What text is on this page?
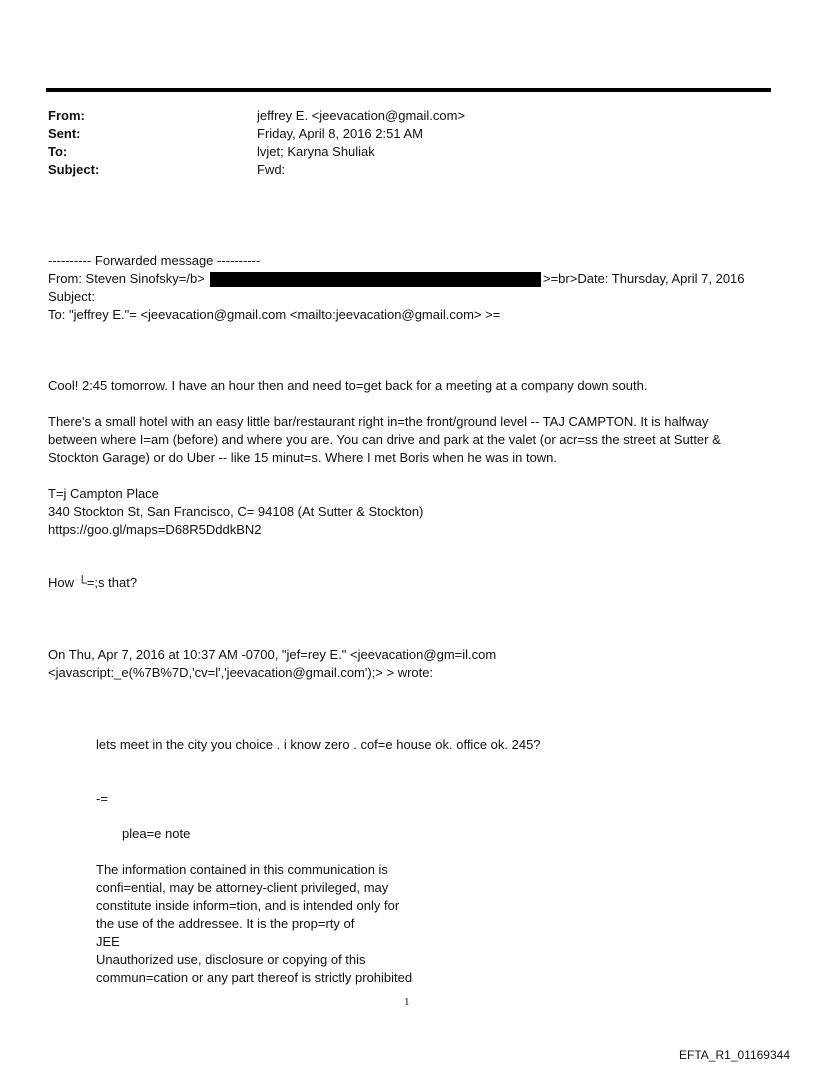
From:	jeffrey E. <jeevacation@gmail.com>
Sent:	Friday, April 8, 2016 2:51 AM
To:	lvjet; Karyna Shuliak
Subject:	Fwd:
---------- Forwarded message ----------
From: Steven Sinofsky=/b>	>=br>Date: Thursday, April 7, 2016
Subject:
To: "jeffrey E."= <jeevacation@gmail.com <mailto:jeevacation@gmail.com> >=
Cool! 2:45 tomorrow. I have an hour then and need to=get back for a meeting at a company down south.
There's a small hotel with an easy little bar/restaurant right in=the front/ground level -- TAJ CAMPTON. It is halfway
between where I=am (before) and where you are. You can drive and park at the valet (or acr=ss the street at Sutter &
Stockton Garage) or do Uber -- like 15 minut=s. Where I met Boris when he was in town.
T=j Campton Place
340 Stockton St, San Francisco, C= 94108 (At Sutter & Stockton)
https://goo.gl/maps=D68R5DddkBN2
How └=;s that?
On Thu, Apr 7, 2016 at 10:37 AM -0700, "jef=rey E." <jeevacation@gm=il.com
<javascript:_e(%7B%7D,'cv=l','jeevacation@gmail.com');> > wrote:
lets meet in the city you choice . i know zero . cof=e house ok. office ok. 245?
-=
plea=e note
The information contained in this communication is
confi=ential, may be attorney-client privileged, may
constitute inside inform=tion, and is intended only for
the use of the addressee. It is the prop=rty of
JEE
Unauthorized use, disclosure or copying of this
commun=cation or any part thereof is strictly prohibited
1
EFTA_R1_01169344
